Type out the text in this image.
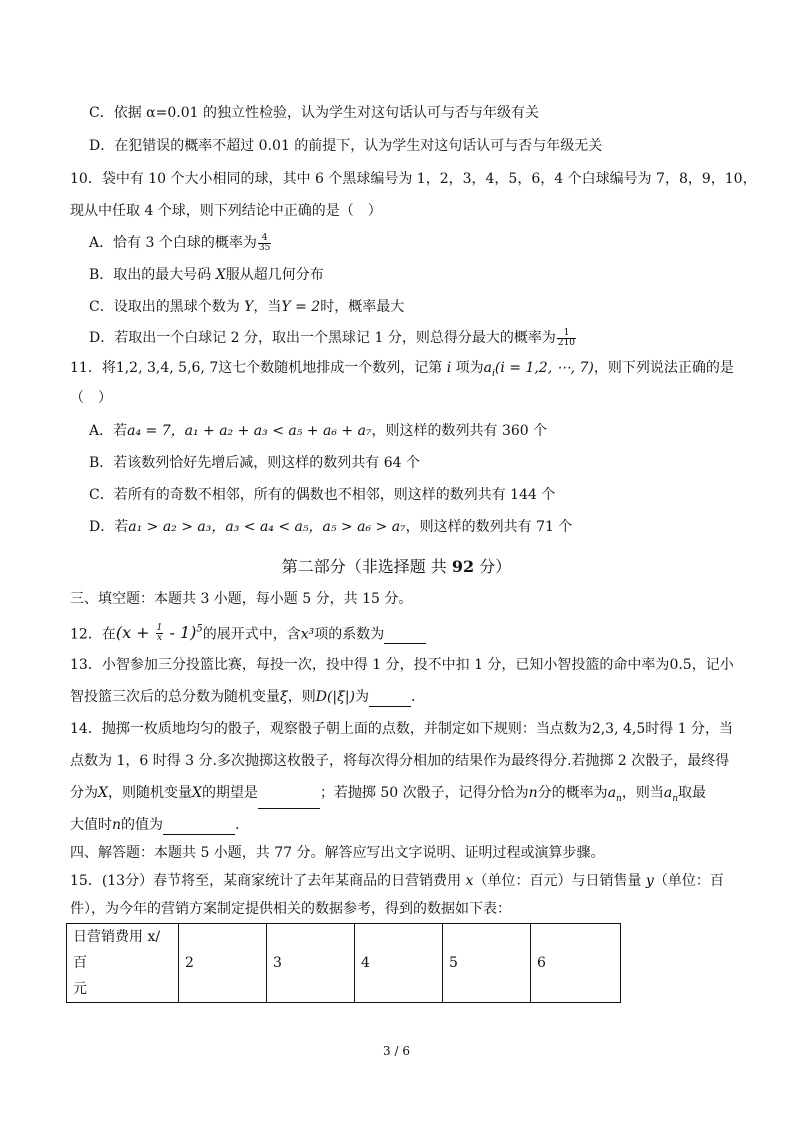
C．依据 α=0.01 的独立性检验，认为学生对这句话认可与否与年级有关
D．在犯错误的概率不超过 0.01 的前提下，认为学生对这句话认可与否与年级无关
10．袋中有 10 个大小相同的球，其中 6 个黑球编号为 1，2，3，4，5，6，4 个白球编号为 7，8，9，10，
现从中任取 4 个球，则下列结论中正确的是（　）
A．恰有 3 个白球的概率为 $\frac{4}{35}$
B．取出的最大号码 X服从超几何分布
C．设取出的黑球个数为 Y，当Y = 2时，概率最大
D．若取出一个白球记 2 分，取出一个黑球记 1 分，则总得分最大的概率为 $\frac{1}{210}$
11．将1,2, 3,4, 5,6, 7这七个数随机地排成一个数列，记第 i 项为$a_i(i = 1,2$, ⋯, 7)，则下列说法正确的是
（　）
A．若a₄ = 7，a₁ + a₂ + a₃ < a₅ + a₆ + a₇，则这样的数列共有 360 个
B．若该数列恰好先增后减，则这样的数列共有 64 个
C．若所有的奇数不相邻，所有的偶数也不相邻，则这样的数列共有 144 个
D．若a₁ > a₂ > a₃，a₃ < a₄ < a₅，a₅ > a₆ > a₇，则这样的数列共有 71 个
第二部分（非选择题 共 92 分）
三、填空题：本题共 3 小题，每小题 5 分，共 15 分。
12．在$(x + \frac{1}{x} - 1)^5$的展开式中，含x³项的系数为
13．小智参加三分投篮比赛，每投一次，投中得 1 分，投不中扣 1 分，已知小智投篮的命中率为0.5，记小
智投篮三次后的总分数为随机变量ξ，则D(|ξ|)为	．
14．抛掷一枚质地均匀的骰子，观察骰子朝上面的点数，并制定如下规则：当点数为2,3, 4,5时得 1 分，当
点数为 1，6 时得 3 分.多次抛掷这枚骰子，将每次得分相加的结果作为最终得分.若抛掷 2 次骰子，最终得
分为X，则随机变量X的期望是	；若抛掷 50 次骰子，记得分恰为n分的概率为$a_n$，则当$a_n$取最
大值时n的值为	.
四、解答题：本题共 5 小题，共 77 分。解答应写出文字说明、证明过程或演算步骤。
15．(13分）春节将至，某商家统计了去年某商品的日营销费用 x（单位：百元）与日销售量 y（单位：百
件），为今年的营销方案制定提供相关的数据参考，得到的数据如下表：
日营销费用 x/百
元	2	3	4	5	6
3 / 6
